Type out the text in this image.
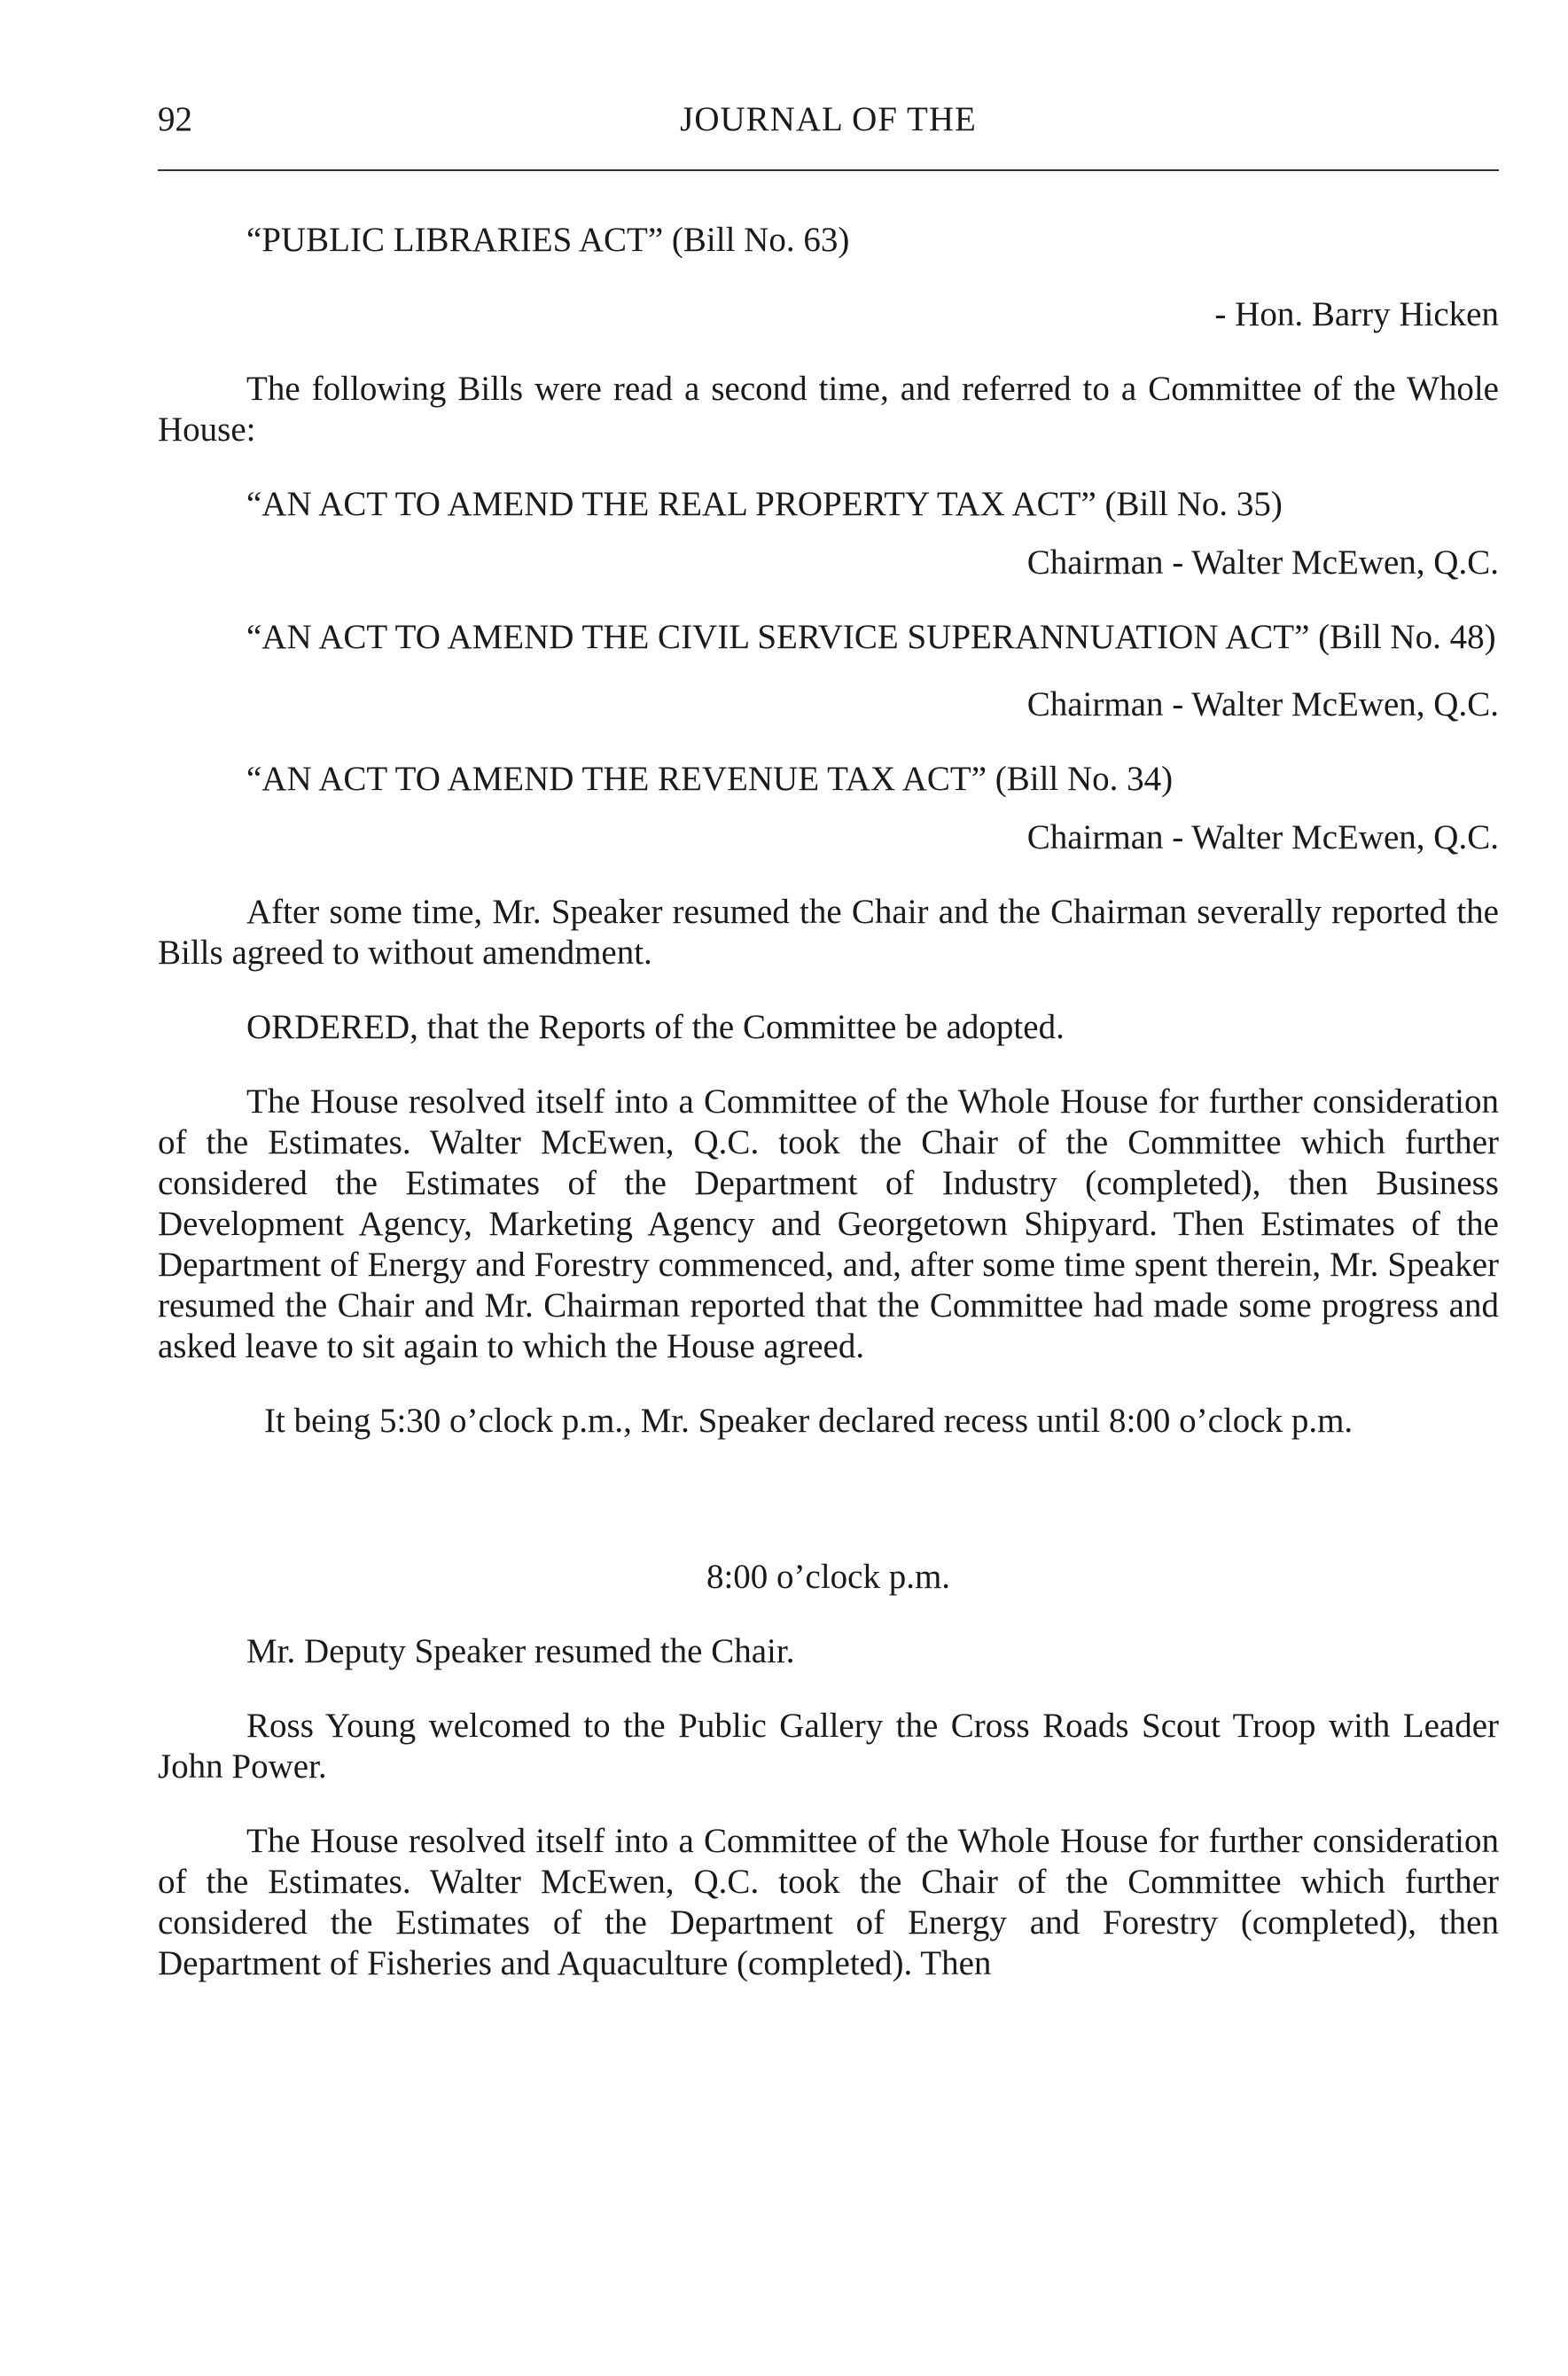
92	JOURNAL OF THE

“PUBLIC LIBRARIES ACT” (Bill No. 63)

- Hon. Barry Hicken

The following Bills were read a second time, and referred to a Committee of the Whole House:

“AN ACT TO AMEND THE REAL PROPERTY TAX ACT” (Bill No. 35)

Chairman - Walter McEwen, Q.C.

“AN ACT TO AMEND THE CIVIL SERVICE SUPERANNUATION ACT” (Bill No. 48)

Chairman - Walter McEwen, Q.C.

“AN ACT TO AMEND THE REVENUE TAX ACT” (Bill No. 34)

Chairman - Walter McEwen, Q.C.

After some time, Mr. Speaker resumed the Chair and the Chairman severally reported the Bills agreed to without amendment.

ORDERED, that the Reports of the Committee be adopted.

The House resolved itself into a Committee of the Whole House for further consideration of the Estimates. Walter McEwen, Q.C. took the Chair of the Committee which further considered the Estimates of the Department of Industry (completed), then Business Development Agency, Marketing Agency and Georgetown Shipyard. Then Estimates of the Department of Energy and Forestry commenced, and, after some time spent therein, Mr. Speaker resumed the Chair and Mr. Chairman reported that the Committee had made some progress and asked leave to sit again to which the House agreed.

It being 5:30 o’clock p.m., Mr. Speaker declared recess until 8:00 o’clock p.m.

8:00 o’clock p.m.

Mr. Deputy Speaker resumed the Chair.

Ross Young welcomed to the Public Gallery the Cross Roads Scout Troop with Leader John Power.

The House resolved itself into a Committee of the Whole House for further consideration of the Estimates. Walter McEwen, Q.C. took the Chair of the Committee which further considered the Estimates of the Department of Energy and Forestry (completed), then Department of Fisheries and Aquaculture (completed). Then
